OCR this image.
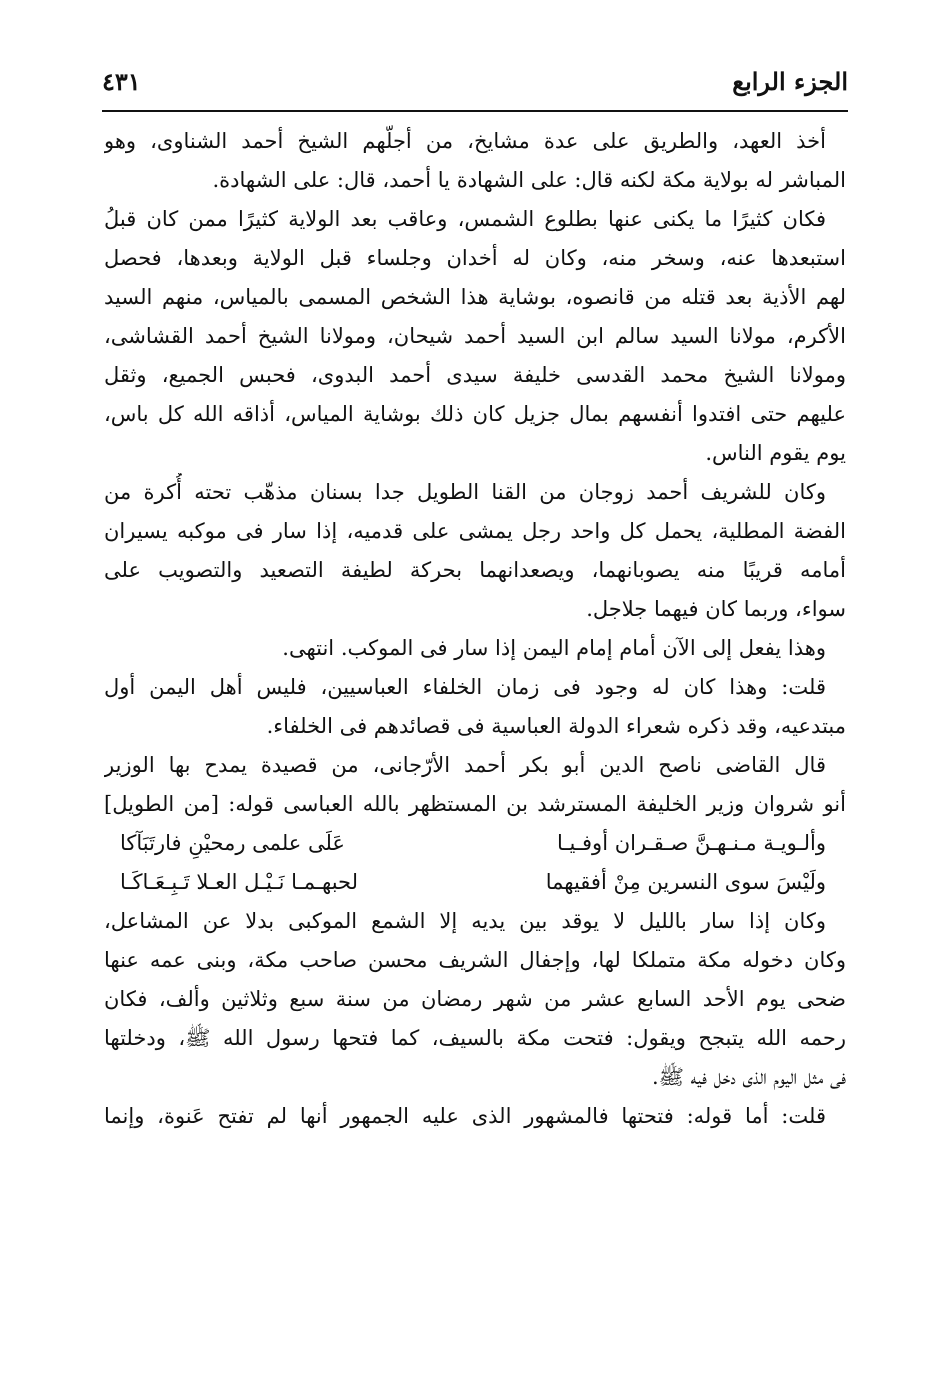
الجزء الرابع
٤٣١
أخذ العهد، والطريق على عدة مشايخ، من أجلّهم الشيخ أحمد الشناوى، وهو
المباشر له بولاية مكة لكنه قال: على الشهادة يا أحمد، قال: على الشهادة.
فكان كثيرًا ما يكنى عنها بطلوع الشمس، وعاقب بعد الولاية كثيرًا ممن كان قبلُ
استبعدها عنه، وسخر منه، وكان له أخدان وجلساء قبل الولاية وبعدها، فحصل
لهم الأذية بعد قتله من قانصوه، بوشاية هذا الشخص المسمى بالمياس، منهم السيد
الأكرم، مولانا السيد سالم ابن السيد أحمد شيحان، ومولانا الشيخ أحمد القشاشى،
ومولانا الشيخ محمد القدسى خليفة سيدى أحمد البدوى، فحبس الجميع، وثقل
عليهم حتى افتدوا أنفسهم بمال جزيل كان ذلك بوشاية المياس، أذاقه الله كل باس،
يوم يقوم الناس.
وكان للشريف أحمد زوجان من القنا الطويل جدا بسنان مذهّب تحته أُكرة من
الفضة المطلية، يحمل كل واحد رجل يمشى على قدميه، إذا سار فى موكبه يسيران
أمامه قريبًا منه يصوبانهما، ويصعدانهما بحركة لطيفة التصعيد والتصويب على
سواء، وربما كان فيهما جلاجل.
وهذا يفعل إلى الآن أمام إمام اليمن إذا سار فى الموكب. انتهى.
قلت: وهذا كان له وجود فى زمان الخلفاء العباسيين، فليس أهل اليمن أول
مبتدعيه، وقد ذكره شعراء الدولة العباسية فى قصائدهم فى الخلفاء.
قال القاضى ناصح الدين أبو بكر أحمد الأرّجانى، من قصيدة يمدح بها الوزير
أنو شروان وزير الخليفة المسترشد بن المستظهر بالله العباسى قوله: [من الطويل]
وألـويـة مـنـهـنَّ صـقـران أوفـيـا
عَلَى علمى رمحيْنِ فارتَبَآكا
ولَيْسَ سوى النسرين مِنْ أفقيهما
لحبهـمـا نَـيْـل العـلا تَـبِـعَـاكَـا
وكان إذا سار بالليل لا يوقد بين يديه إلا الشمع الموكبى بدلا عن المشاعل،
وكان دخوله مكة متملكا لها، وإجفال الشريف محسن صاحب مكة، وبنى عمه عنها
ضحى يوم الأحد السابع عشر من شهر رمضان من سنة سبع وثلاثين وألف، فكان
رحمه الله يتبجح ويقول: فتحت مكة بالسيف، كما فتحها رسول الله ﷺ، ودخلتها
فى مثل اليوم الذى دخل فيه ﷺ.
قلت: أما قوله: فتحتها فالمشهور الذى عليه الجمهور أنها لم تفتح عَنوة، وإنما
